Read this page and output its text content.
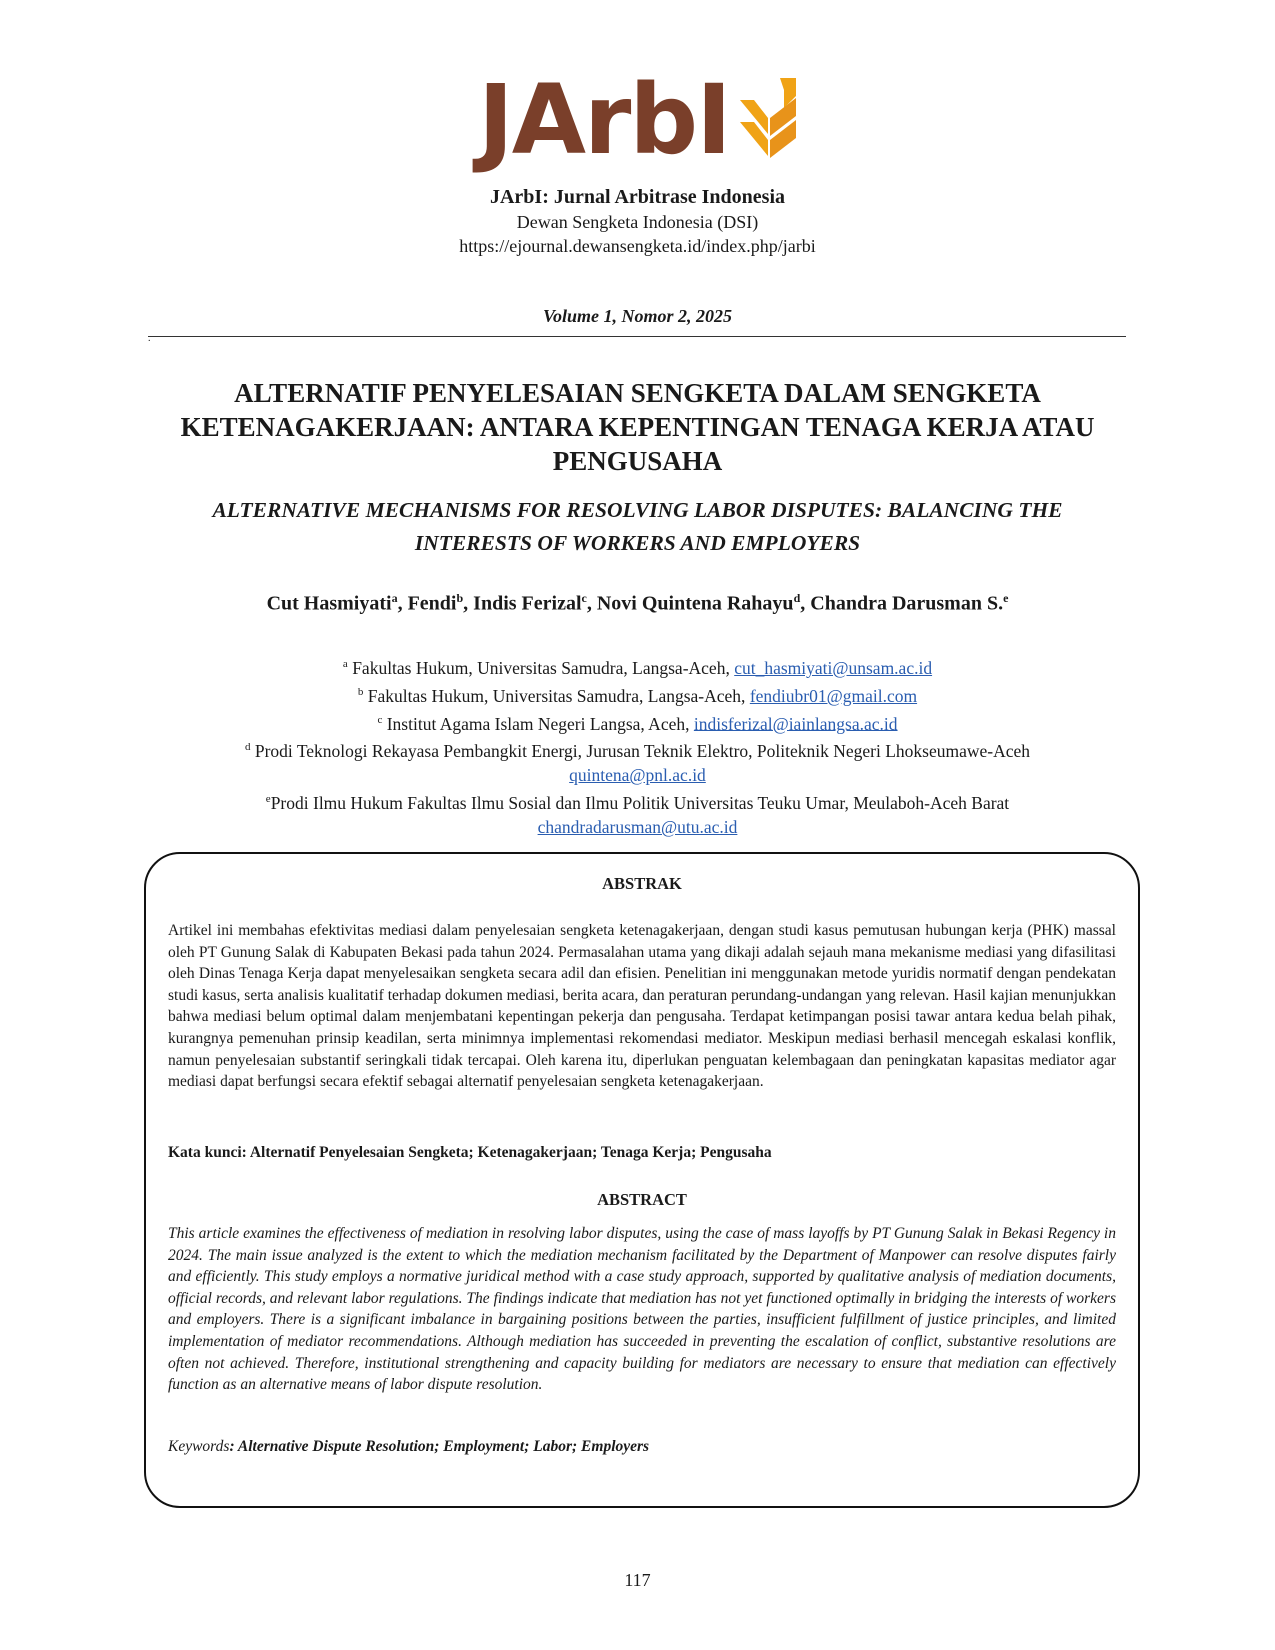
JArbI
JArbI: Jurnal Arbitrase Indonesia
Dewan Sengketa Indonesia (DSI)
https://ejournal.dewansengketa.id/index.php/jarbi
Volume 1, Nomor 2, 2025
.
ALTERNATIF PENYELESAIAN SENGKETA DALAM SENGKETA KETENAGAKERJAAN: ANTARA KEPENTINGAN TENAGA KERJA ATAU PENGUSAHA
ALTERNATIVE MECHANISMS FOR RESOLVING LABOR DISPUTES: BALANCING THE INTERESTS OF WORKERS AND EMPLOYERS
Cut Hasmiyati$^a$, Fendi$^b$, Indis Ferizal$^c$, Novi Quintena Rahayu$^d$, Chandra Darusman S.$^e$
$^a$ Fakultas Hukum, Universitas Samudra, Langsa-Aceh, cut_hasmiyati@unsam.ac.id
$^b$ Fakultas Hukum, Universitas Samudra, Langsa-Aceh, fendiubr01@gmail.com
$^c$ Institut Agama Islam Negeri Langsa, Aceh, indisferizal@iainlangsa.ac.id
$^d$ Prodi Teknologi Rekayasa Pembangkit Energi, Jurusan Teknik Elektro, Politeknik Negeri Lhokseumawe-Aceh
quintena@pnl.ac.id
$^e$Prodi Ilmu Hukum Fakultas Ilmu Sosial dan Ilmu Politik Universitas Teuku Umar, Meulaboh-Aceh Barat
chandradarusman@utu.ac.id
ABSTRAK
Artikel ini membahas efektivitas mediasi dalam penyelesaian sengketa ketenagakerjaan, dengan studi kasus pemutusan hubungan kerja (PHK) massal oleh PT Gunung Salak di Kabupaten Bekasi pada tahun 2024. Permasalahan utama yang dikaji adalah sejauh mana mekanisme mediasi yang difasilitasi oleh Dinas Tenaga Kerja dapat menyelesaikan sengketa secara adil dan efisien. Penelitian ini menggunakan metode yuridis normatif dengan pendekatan studi kasus, serta analisis kualitatif terhadap dokumen mediasi, berita acara, dan peraturan perundang-undangan yang relevan. Hasil kajian menunjukkan bahwa mediasi belum optimal dalam menjembatani kepentingan pekerja dan pengusaha. Terdapat ketimpangan posisi tawar antara kedua belah pihak, kurangnya pemenuhan prinsip keadilan, serta minimnya implementasi rekomendasi mediator. Meskipun mediasi berhasil mencegah eskalasi konflik, namun penyelesaian substantif seringkali tidak tercapai. Oleh karena itu, diperlukan penguatan kelembagaan dan peningkatan kapasitas mediator agar mediasi dapat berfungsi secara efektif sebagai alternatif penyelesaian sengketa ketenagakerjaan.
Kata kunci: Alternatif Penyelesaian Sengketa; Ketenagakerjaan; Tenaga Kerja; Pengusaha
ABSTRACT
This article examines the effectiveness of mediation in resolving labor disputes, using the case of mass layoffs by PT Gunung Salak in Bekasi Regency in 2024. The main issue analyzed is the extent to which the mediation mechanism facilitated by the Department of Manpower can resolve disputes fairly and efficiently. This study employs a normative juridical method with a case study approach, supported by qualitative analysis of mediation documents, official records, and relevant labor regulations. The findings indicate that mediation has not yet functioned optimally in bridging the interests of workers and employers. There is a significant imbalance in bargaining positions between the parties, insufficient fulfillment of justice principles, and limited implementation of mediator recommendations. Although mediation has succeeded in preventing the escalation of conflict, substantive resolutions are often not achieved. Therefore, institutional strengthening and capacity building for mediators are necessary to ensure that mediation can effectively function as an alternative means of labor dispute resolution.
Keywords: Alternative Dispute Resolution; Employment; Labor; Employers
117
